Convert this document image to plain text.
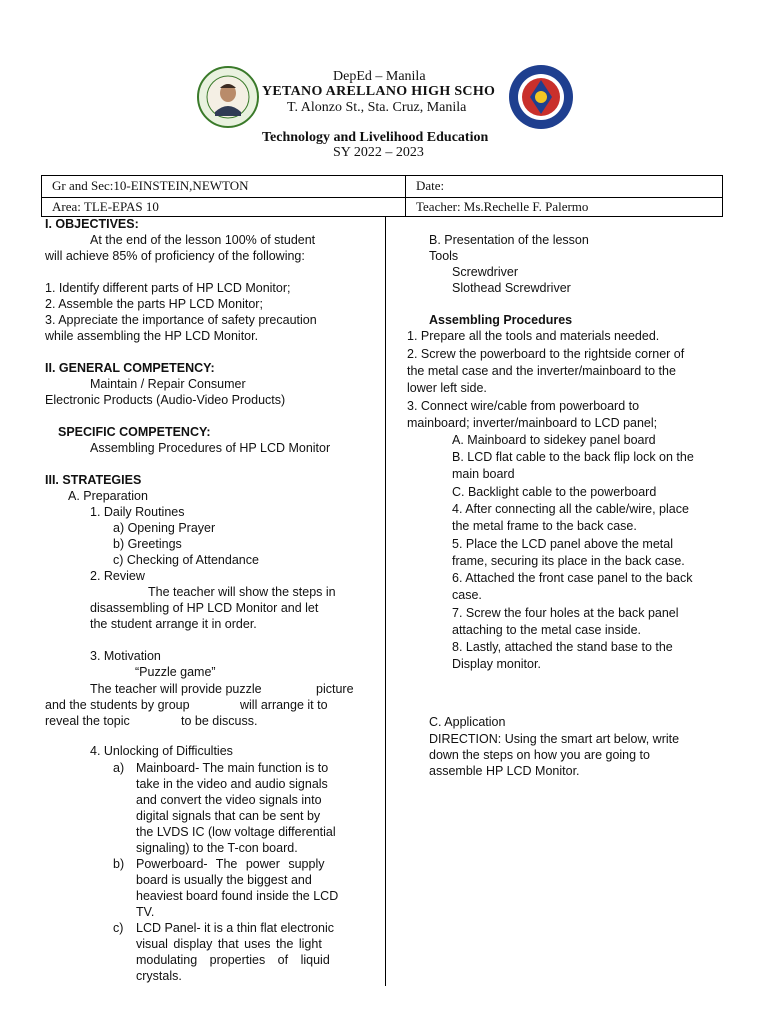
DepEd – Manila
YETANO ARELLANO HIGH SCHO
T. Alonzo St., Sta. Cruz, Manila
Technology and Livelihood Education
SY 2022 – 2023
Gr and Sec:10-EINSTEIN,NEWTON	Date:
Area: TLE-EPAS 10	Teacher: Ms.Rechelle F. Palermo
I. OBJECTIVES:
At the end of the lesson 100% of student
will achieve 85% of proficiency of the following:
1. Identify different parts of HP LCD Monitor;
2. Assemble the parts HP LCD Monitor;
3. Appreciate the importance of safety precaution
while assembling the HP LCD Monitor.
II. GENERAL COMPETENCY:
Maintain / Repair Consumer
Electronic Products (Audio-Video Products)
SPECIFIC COMPETENCY:
Assembling Procedures of HP LCD Monitor
III. STRATEGIES
A. Preparation
1. Daily Routines
a) Opening Prayer
b) Greetings
c) Checking of Attendance
2. Review
The teacher will show the steps in
disassembling of HP LCD Monitor and let
the student arrange it in order.
3. Motivation
“Puzzle game”
The teacher will provide puzzle	picture
and the students by group	will arrange it to
reveal the topic	to be discuss.
4. Unlocking of Difficulties
a) Mainboard- The main function is to
take in the video and audio signals
and convert the video signals into
digital signals that can be sent by
the LVDS IC (low voltage differential
signaling) to the T-con board.
b) Powerboard- The power supply
board is usually the biggest and
heaviest board found inside the LCD
TV.
c) LCD Panel- it is a thin flat electronic
visual display that uses the light
modulating properties of liquid
crystals.
B. Presentation of the lesson
Tools
Screwdriver
Slothead Screwdriver
Assembling Procedures
1. Prepare all the tools and materials needed.
2. Screw the powerboard to the rightside corner of
the metal case and the inverter/mainboard to the
lower left side.
3. Connect wire/cable from powerboard to
mainboard; inverter/mainboard to LCD panel;
A. Mainboard to sidekey panel board
B. LCD flat cable to the back flip lock on the
main board
C. Backlight cable to the powerboard
4. After connecting all the cable/wire, place
the metal frame to the back case.
5. Place the LCD panel above the metal
frame, securing its place in the back case.
6. Attached the front case panel to the back
case.
7. Screw the four holes at the back panel
attaching to the metal case inside.
8. Lastly, attached the stand base to the
Display monitor.
C. Application
DIRECTION: Using the smart art below, write
down the steps on how you are going to
assemble HP LCD Monitor.
